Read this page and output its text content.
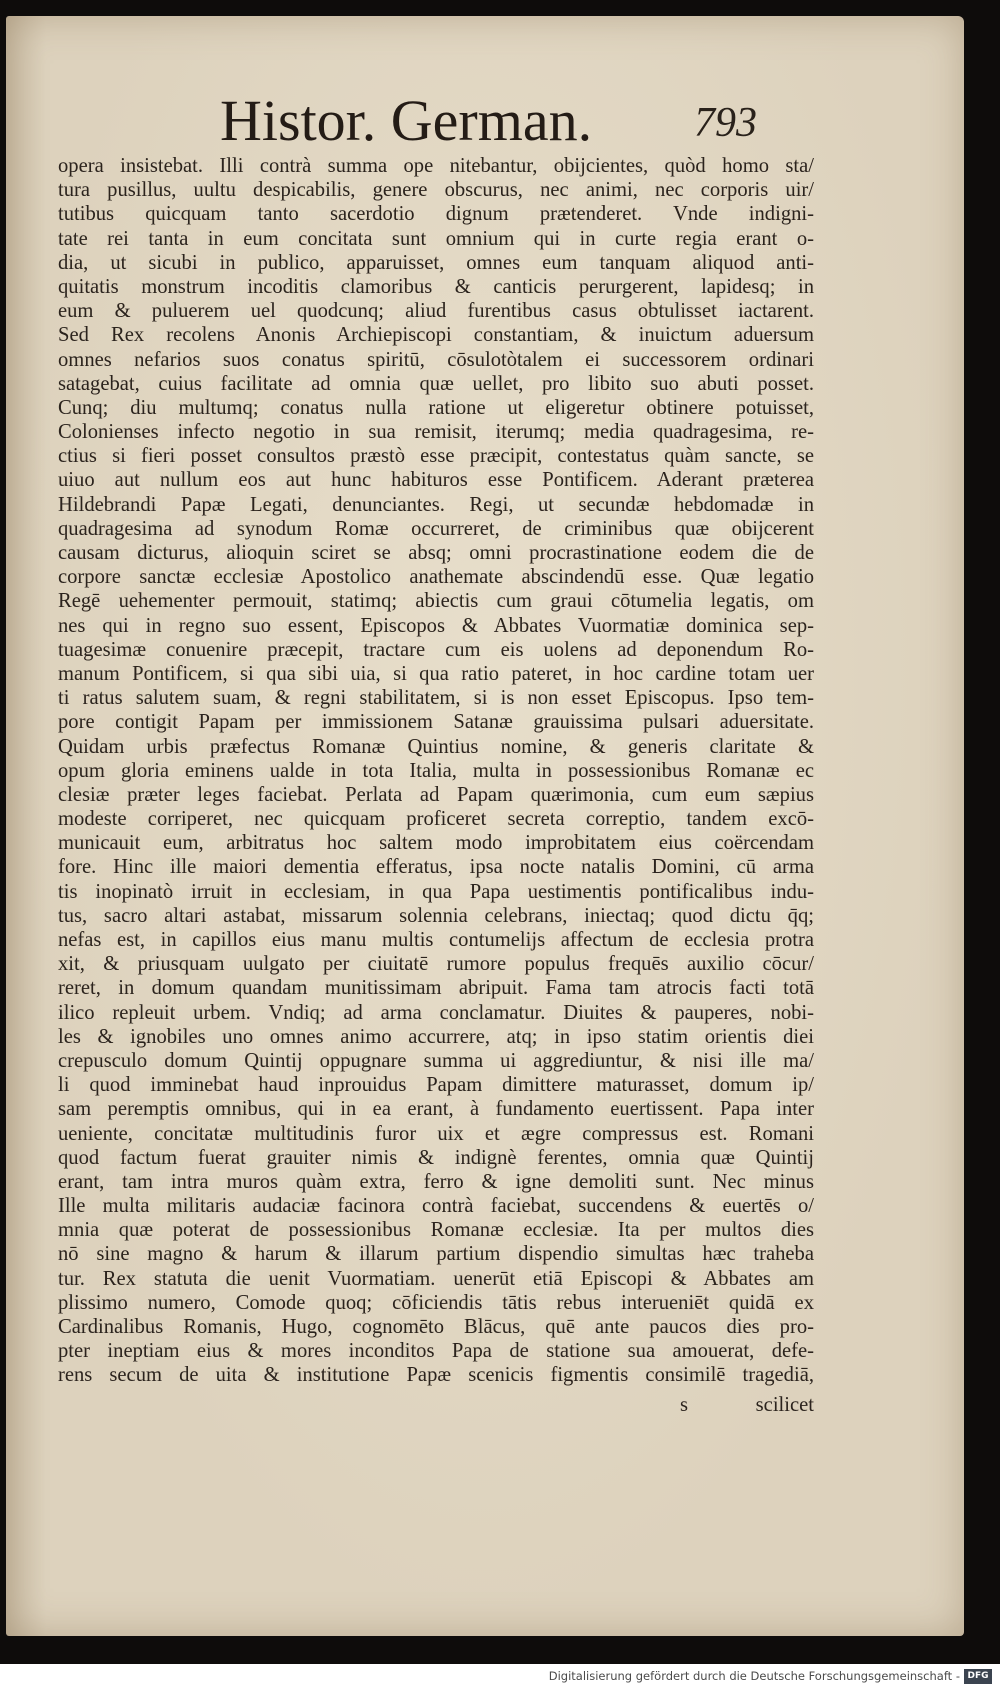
Histor. German. 793
opera insistebat. Illi contrà summa ope nitebantur, obijcientes, quòd homo sta/
tura pusillus, uultu despicabilis, genere obscurus, nec animi, nec corporis uir/
tutibus quicquam tanto sacerdotio dignum prætenderet. Vnde indigni-
tate rei tanta in eum concitata sunt omnium qui in curte regia erant o-
dia, ut sicubi in publico, apparuisset, omnes eum tanquam aliquod anti-
quitatis monstrum incoditis clamoribus & canticis perurgerent, lapidesq; in
eum & puluerem uel quodcunq; aliud furentibus casus obtulisset iactarent.
Sed Rex recolens Anonis Archiepiscopi constantiam, & inuictum aduersum
omnes nefarios suos conatus spiritū, cōsulotòtalem ei successorem ordinari
satagebat, cuius facilitate ad omnia quæ uellet, pro libito suo abuti posset.
Cunq; diu multumq; conatus nulla ratione ut eligeretur obtinere potuisset,
Colonienses infecto negotio in sua remisit, iterumq; media quadragesima, re-
ctius si fieri posset consultos præstò esse præcipit, contestatus quàm sancte, se
uiuo aut nullum eos aut hunc habituros esse Pontificem. Aderant præterea
Hildebrandi Papæ Legati, denunciantes. Regi, ut secundæ hebdomadæ in
quadragesima ad synodum Romæ occurreret, de criminibus quæ obijcerent
causam dicturus, alioquin sciret se absq; omni procrastinatione eodem die de
corpore sanctæ ecclesiæ Apostolico anathemate abscindendū esse. Quæ legatio
Regē uehementer permouit, statimq; abiectis cum graui cōtumelia legatis, om
nes qui in regno suo essent, Episcopos & Abbates Vuormatiæ dominica sep-
tuagesimæ conuenire præcepit, tractare cum eis uolens ad deponendum Ro-
manum Pontificem, si qua sibi uia, si qua ratio pateret, in hoc cardine totam uer
ti ratus salutem suam, & regni stabilitatem, si is non esset Episcopus. Ipso tem-
pore contigit Papam per immissionem Satanæ grauissima pulsari aduersitate.
Quidam urbis præfectus Romanæ Quintius nomine, & generis claritate &
opum gloria eminens ualde in tota Italia, multa in possessionibus Romanæ ec
clesiæ præter leges faciebat. Perlata ad Papam quærimonia, cum eum sæpius
modeste corriperet, nec quicquam proficeret secreta correptio, tandem excō-
municauit eum, arbitratus hoc saltem modo improbitatem eius coërcendam
fore. Hinc ille maiori dementia efferatus, ipsa nocte natalis Domini, cū arma
tis inopinatò irruit in ecclesiam, in qua Papa uestimentis pontificalibus indu-
tus, sacro altari astabat, missarum solennia celebrans, iniectaq; quod dictu q̄q;
nefas est, in capillos eius manu multis contumelijs affectum de ecclesia protra
xit, & priusquam uulgato per ciuitatē rumore populus frequēs auxilio cōcur/
reret, in domum quandam munitissimam abripuit. Fama tam atrocis facti totā
ilico repleuit urbem. Vndiq; ad arma conclamatur. Diuites & pauperes, nobi-
les & ignobiles uno omnes animo accurrere, atq; in ipso statim orientis diei
crepusculo domum Quintij oppugnare summa ui aggrediuntur, & nisi ille ma/
li quod imminebat haud inprouidus Papam dimittere maturasset, domum ip/
sam peremptis omnibus, qui in ea erant, à fundamento euertissent. Papa inter
ueniente, concitatæ multitudinis furor uix et ægre compressus est. Romani
quod factum fuerat grauiter nimis & indignè ferentes, omnia quæ Quintij
erant, tam intra muros quàm extra, ferro & igne demoliti sunt. Nec minus
Ille multa militaris audaciæ facinora contrà faciebat, succendens & euertēs o/
mnia quæ poterat de possessionibus Romanæ ecclesiæ. Ita per multos dies
nō sine magno & harum & illarum partium dispendio simultas hæc traheba
tur. Rex statuta die uenit Vuormatiam. uenerūt etiā Episcopi & Abbates am
plissimo numero, Comode quoq; cōficiendis tātis rebus interueniēt quidā ex
Cardinalibus Romanis, Hugo, cognomēto Blācus, quē ante paucos dies pro-
pter ineptiam eius & mores inconditos Papa de statione sua amouerat, defe-
rens secum de uita & institutione Papæ scenicis figmentis consimilē tragediā,
s	scilicet
Digitalisierung gefördert durch die Deutsche Forschungsgemeinschaft - DFG
